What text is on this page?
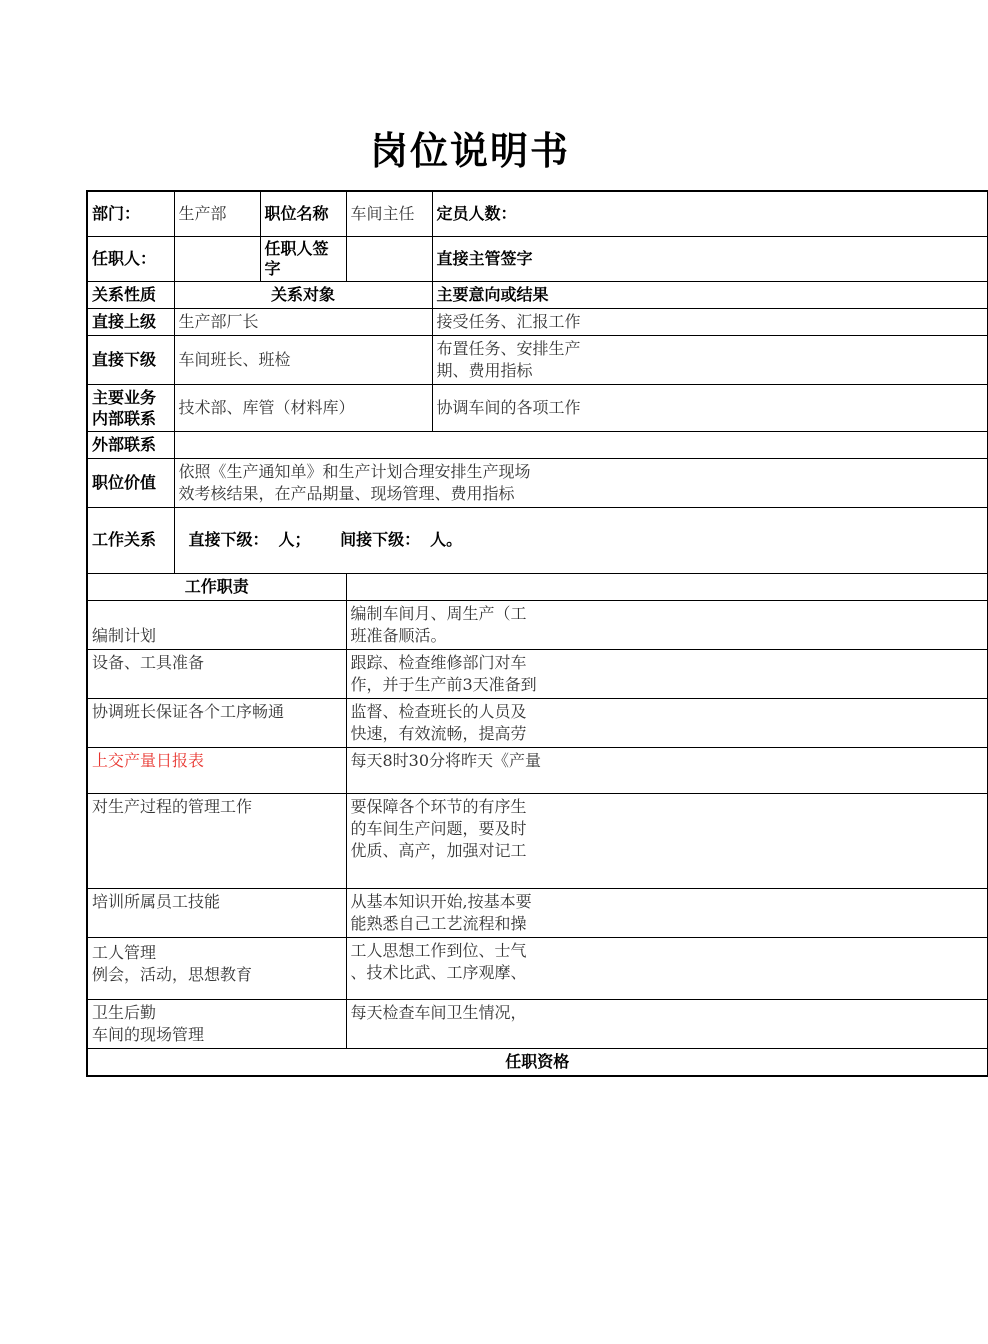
岗位说明书
部门：	生产部	职位名称	车间主任	定员人数：
任职人：		任职人签字		直接主管签字
关系性质	关系对象			主要意向或结果
直接上级	生产部厂长			接受任务、汇报工作
直接下级	车间班长、班检			布置任务、安排生产
期、费用指标
主要业务
内部联系	技术部、库管（材料库）			协调车间的各项工作
外部联系				
职位价值	依照《生产通知单》和生产计划合理安排生产现场
效考核结果，在产品期量、现场管理、费用指标			
工作关系	直接下级： 人； 间接下级： 人。			
工作职责				
编制计划			编制车间月、周生产（工
班准备顺活。	
设备、工具准备			跟踪、检查维修部门对车
作，并于生产前3天准备到	
协调班长保证各个工序畅通			监督、检查班长的人员及
快速，有效流畅，提高劳	
上交产量日报表			每天8时30分将昨天《产量	
对生产过程的管理工作			要保障各个环节的有序生
的车间生产问题，要及时
优质、高产，加强对记工	
培训所属员工技能			从基本知识开始,按基本要
能熟悉自己工艺流程和操	
工人管理
例会，活动，思想教育			工人思想工作到位、士气
、技术比武、工序观摩、	
卫生后勤
车间的现场管理			每天检查车间卫生情况，	
任职资格				
